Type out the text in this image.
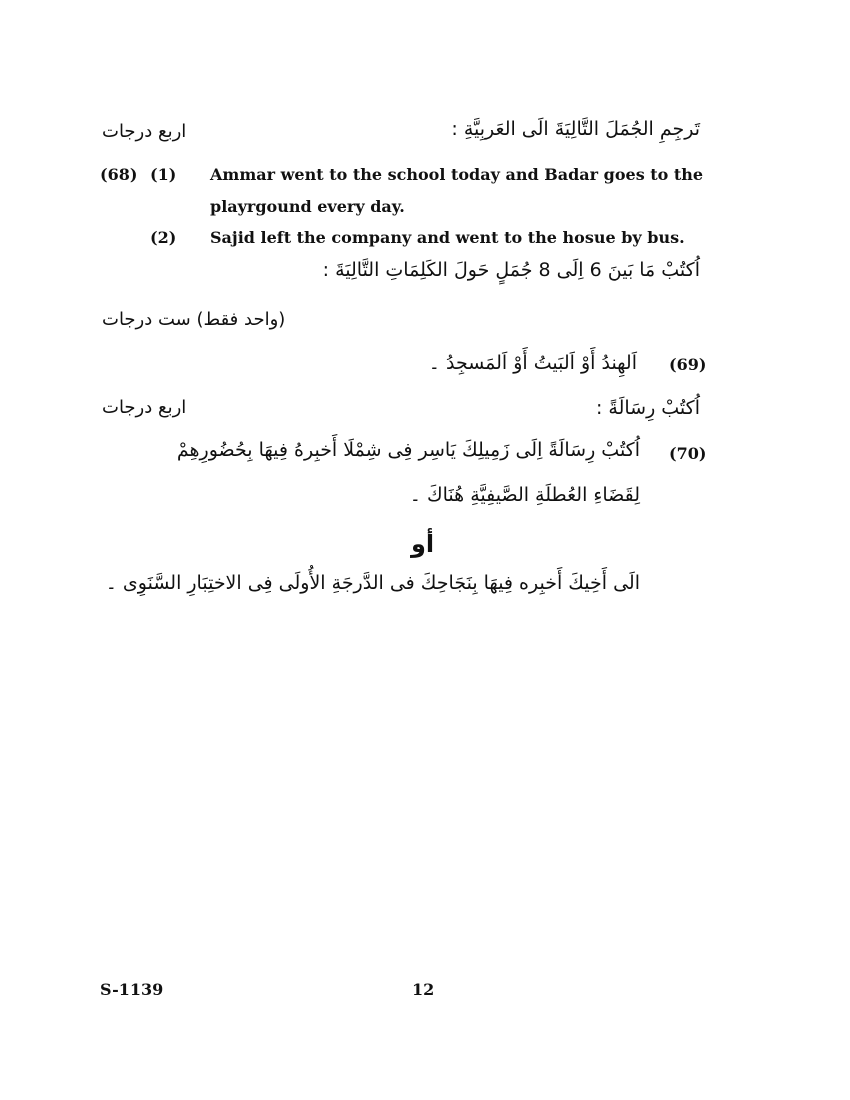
تَرجِمِ الجُمَلَ التَّالِيَةَ الَى العَربِيَّةِ :
اربع درجات
(68) (1) Ammar went to the school today and Badar goes to the
playrgound every day.
(2) Sajid left the company and went to the hosue by bus.
اُكتُبْ مَا بَينَ 6 اِلَى 8 جُمَلٍ حَولَ الكَلِمَاتِ التَّالِيَةَ :
(واحد فقط) ست درجات
(69)
اَلهِندُ أَوْ اَلبَيتُ أَوْ اَلمَسجِدُ ۔
اُكتُبْ رِسَالَةً :
اربع درجات
(70)
اُكتُبْ رِسَالَةً اِلَى زَمِيلِكَ يَاسِر فِى شِمْلَا أَخبِرهُ فِيهَا بِحُضُورِهِمْ
لِقَضَاءِ العُطلَةِ الصَّيفِيَّةِ هُنَاكَ ۔
أو
الَى أَخِيكَ أَخبِره فِيهَا بِنَجَاحِكَ فى الدَّرجَةِ الأُولَى فِى الاختِبَارِ السَّنَوِى ۔
S-1139	12
